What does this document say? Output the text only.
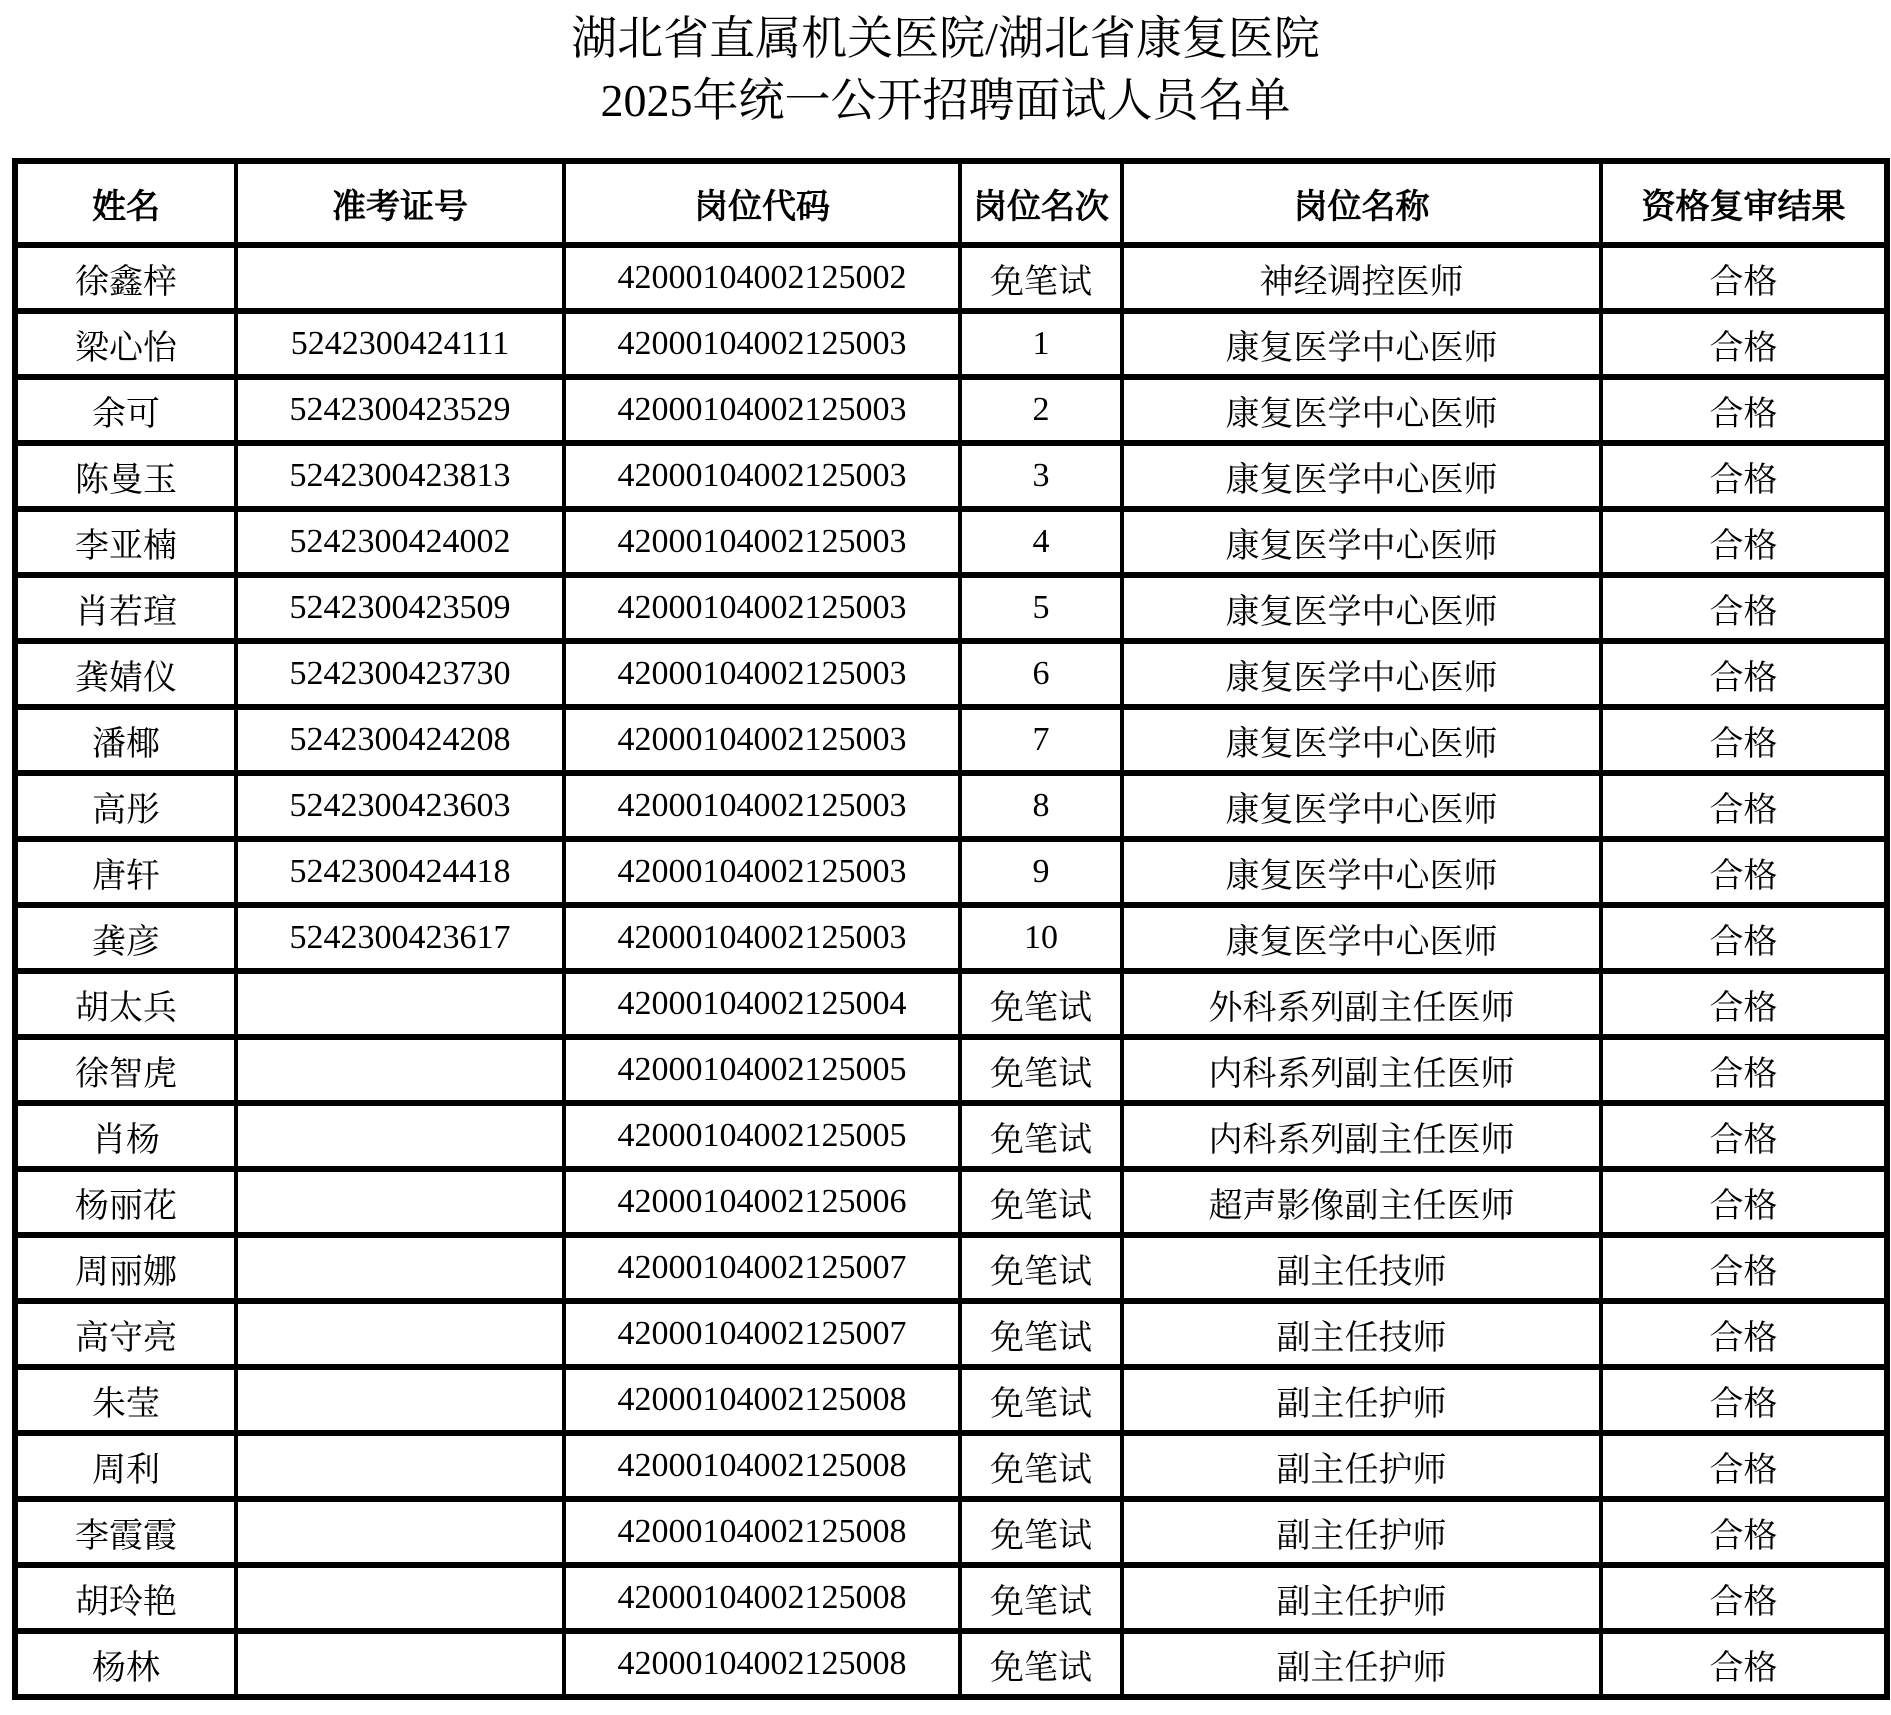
湖北省直属机关医院/湖北省康复医院
2025年统一公开招聘面试人员名单
姓名	准考证号	岗位代码	岗位名次	岗位名称	资格复审结果
徐鑫梓		42000104002125002	免笔试	神经调控医师	合格
梁心怡	5242300424111	42000104002125003	1	康复医学中心医师	合格
余可	5242300423529	42000104002125003	2	康复医学中心医师	合格
陈曼玉	5242300423813	42000104002125003	3	康复医学中心医师	合格
李亚楠	5242300424002	42000104002125003	4	康复医学中心医师	合格
肖若瑄	5242300423509	42000104002125003	5	康复医学中心医师	合格
龚婧仪	5242300423730	42000104002125003	6	康复医学中心医师	合格
潘椰	5242300424208	42000104002125003	7	康复医学中心医师	合格
高彤	5242300423603	42000104002125003	8	康复医学中心医师	合格
唐轩	5242300424418	42000104002125003	9	康复医学中心医师	合格
龚彦	5242300423617	42000104002125003	10	康复医学中心医师	合格
胡太兵		42000104002125004	免笔试	外科系列副主任医师	合格
徐智虎		42000104002125005	免笔试	内科系列副主任医师	合格
肖杨		42000104002125005	免笔试	内科系列副主任医师	合格
杨丽花		42000104002125006	免笔试	超声影像副主任医师	合格
周丽娜		42000104002125007	免笔试	副主任技师	合格
高守亮		42000104002125007	免笔试	副主任技师	合格
朱莹		42000104002125008	免笔试	副主任护师	合格
周利		42000104002125008	免笔试	副主任护师	合格
李霞霞		42000104002125008	免笔试	副主任护师	合格
胡玲艳		42000104002125008	免笔试	副主任护师	合格
杨林		42000104002125008	免笔试	副主任护师	合格
